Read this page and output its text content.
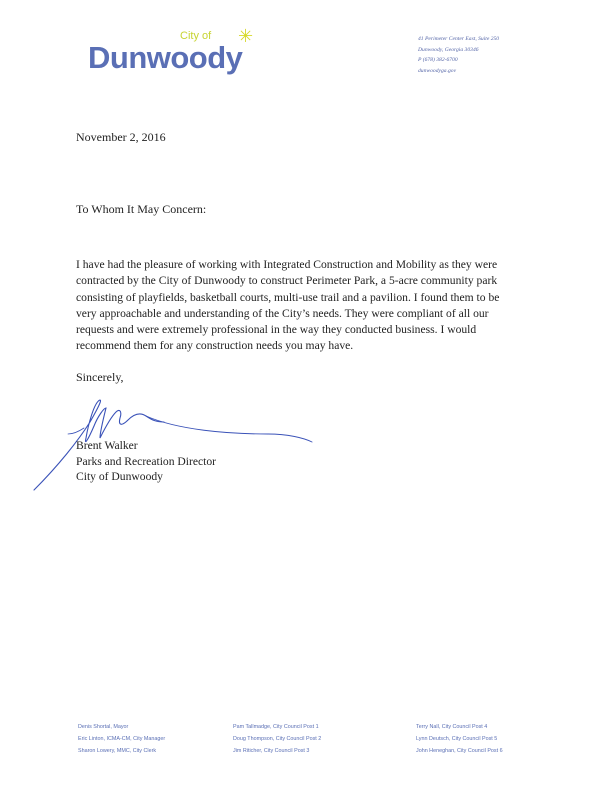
City of
Dunwoody
✳	41 Perimeter Center East, Suite 250
Dunwoody, Georgia 30346
P (678) 382-6700
dunwoodyga.gov
November 2, 2016
To Whom It May Concern:
I have had the pleasure of working with Integrated Construction and Mobility as they were
contracted by the City of Dunwoody to construct Perimeter Park, a 5-acre community park
consisting of playfields, basketball courts, multi-use trail and a pavilion. I found them to be
very approachable and understanding of the City’s needs. They were compliant of all our
requests and were extremely professional in the way they conducted business. I would
recommend them for any construction needs you may have.
Sincerely,
Brent Walker
Parks and Recreation Director
City of Dunwoody
Denis Shortal, Mayor
Eric Linton, ICMA-CM, City Manager
Sharon Lowery, MMC, City Clerk
Pam Tallmadge, City Council Post 1
Doug Thompson, City Council Post 2
Jim Riticher, City Council Post 3
Terry Nall, City Council Post 4
Lynn Deutsch, City Council Post 5
John Heneghan, City Council Post 6
